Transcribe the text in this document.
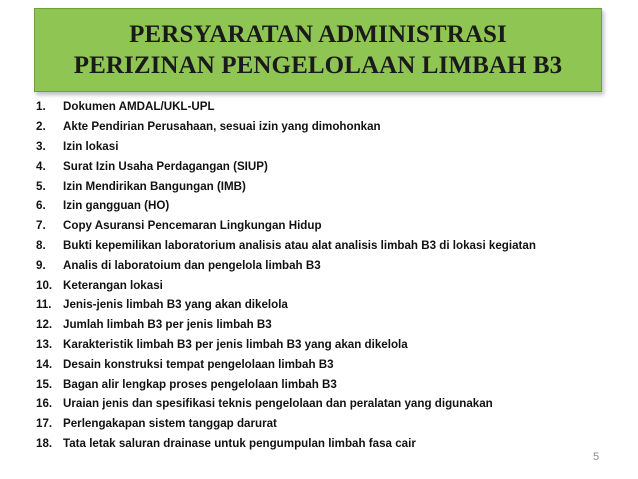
PERSYARATAN ADMINISTRASI
PERIZINAN PENGELOLAAN LIMBAH B3
1.	Dokumen AMDAL/UKL-UPL
2.	Akte Pendirian Perusahaan, sesuai izin yang dimohonkan
3.	Izin lokasi
4.	Surat Izin Usaha Perdagangan (SIUP)
5.	Izin Mendirikan Bangungan (IMB)
6.	Izin gangguan (HO)
7.	Copy Asuransi Pencemaran Lingkungan Hidup
8.	Bukti kepemilikan laboratorium analisis atau alat analisis limbah B3 di lokasi kegiatan
9.	Analis di laboratoium dan pengelola limbah B3
10. Keterangan lokasi
11. Jenis-jenis limbah B3 yang akan dikelola
12. Jumlah limbah B3 per jenis limbah B3
13. Karakteristik limbah B3 per jenis limbah B3 yang akan dikelola
14. Desain konstruksi tempat pengelolaan limbah B3
15. Bagan alir lengkap proses pengelolaan limbah B3
16. Uraian jenis dan spesifikasi teknis pengelolaan dan peralatan yang digunakan
17. Perlengakapan sistem tanggap darurat
18. Tata letak saluran drainase untuk pengumpulan limbah fasa cair
5
